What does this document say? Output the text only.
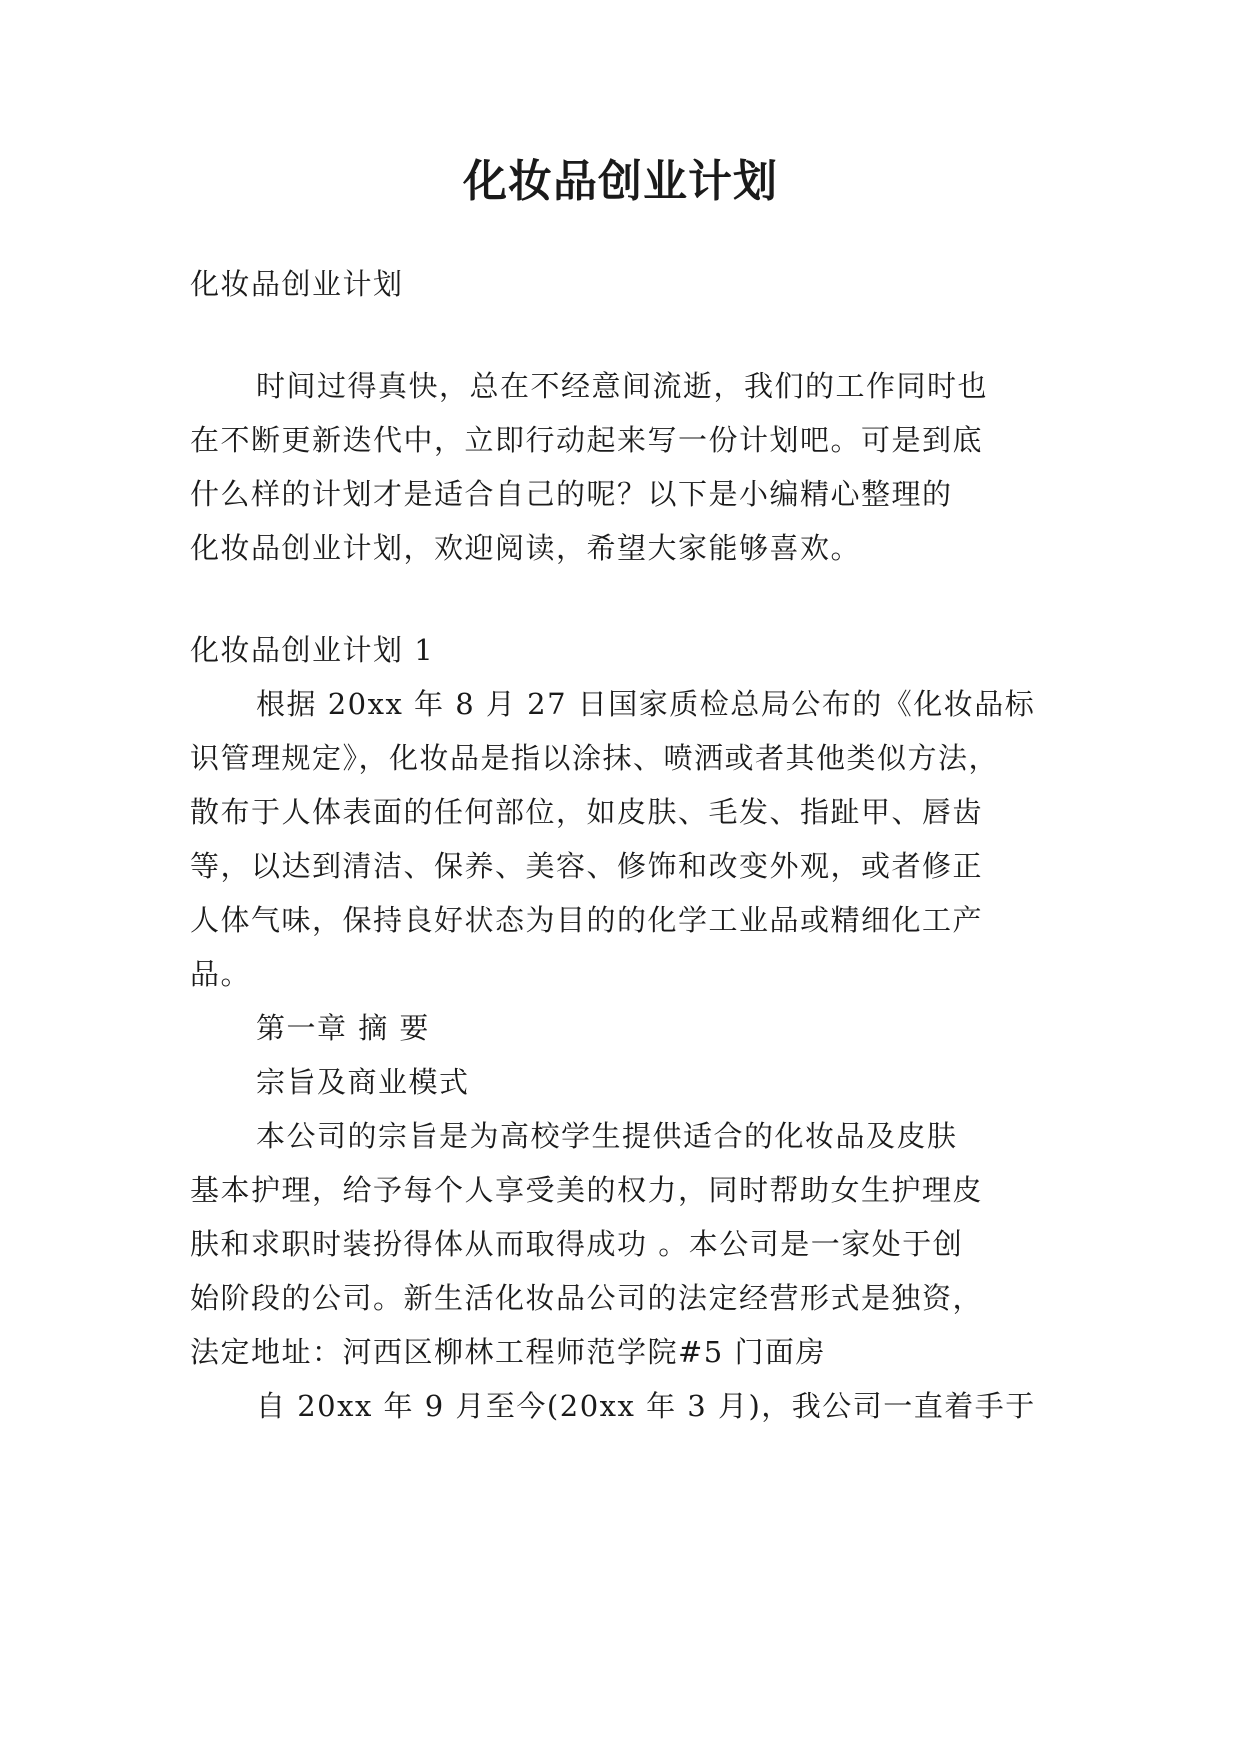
化妆品创业计划
化妆品创业计划
时间过得真快，总在不经意间流逝，我们的工作同时也
在不断更新迭代中，立即行动起来写一份计划吧。可是到底
什么样的计划才是适合自己的呢？以下是小编精心整理的
化妆品创业计划，欢迎阅读，希望大家能够喜欢。
化妆品创业计划 1
根据 20xx 年 8 月 27 日国家质检总局公布的《化妆品标
识管理规定》，化妆品是指以涂抹、喷洒或者其他类似方法，
散布于人体表面的任何部位，如皮肤、毛发、指趾甲、唇齿
等，以达到清洁、保养、美容、修饰和改变外观，或者修正
人体气味，保持良好状态为目的的化学工业品或精细化工产
品。
第一章 摘 要
宗旨及商业模式
本公司的宗旨是为高校学生提供适合的化妆品及皮肤
基本护理，给予每个人享受美的权力，同时帮助女生护理皮
肤和求职时装扮得体从而取得成功 。本公司是一家处于创
始阶段的公司。新生活化妆品公司的法定经营形式是独资，
法定地址：河西区柳林工程师范学院#5 门面房
自 20xx 年 9 月至今(20xx 年 3 月)，我公司一直着手于
